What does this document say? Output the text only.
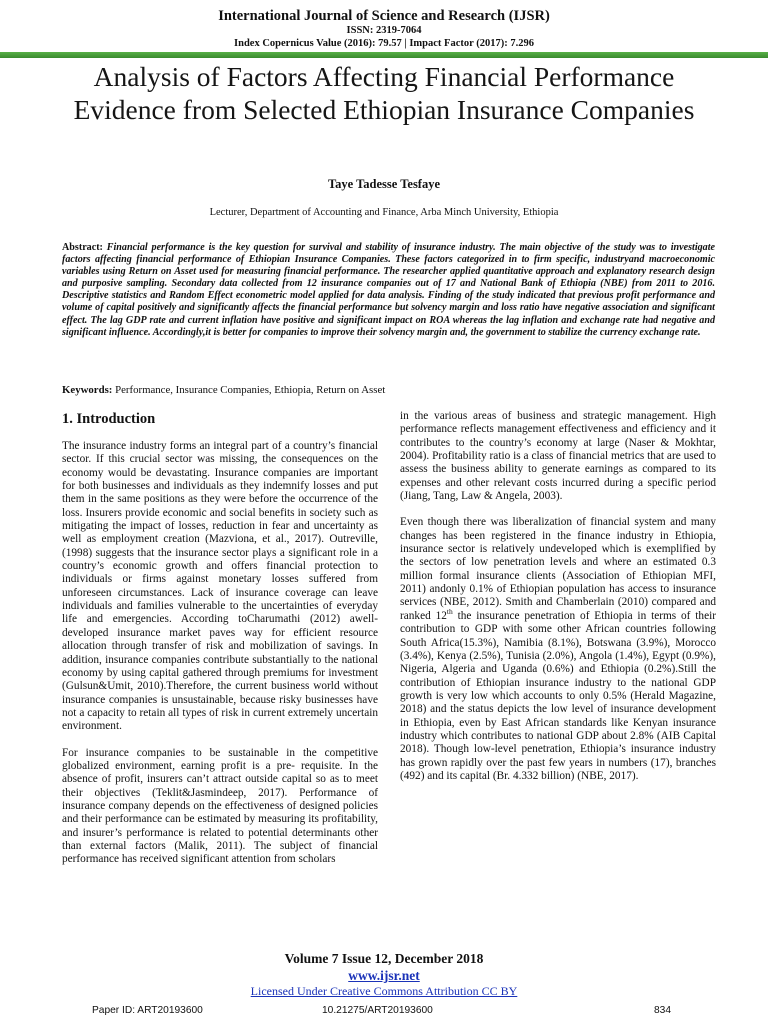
International Journal of Science and Research (IJSR)
ISSN: 2319-7064
Index Copernicus Value (2016): 79.57 | Impact Factor (2017): 7.296
Analysis of Factors Affecting Financial Performance Evidence from Selected Ethiopian Insurance Companies
Taye Tadesse Tesfaye
Lecturer, Department of Accounting and Finance, Arba Minch University, Ethiopia
Abstract: Financial performance is the key question for survival and stability of insurance industry. The main objective of the study was to investigate factors affecting financial performance of Ethiopian Insurance Companies. These factors categorized in to firm specific, industryand macroeconomic variables using Return on Asset used for measuring financial performance. The researcher applied quantitative approach and explanatory research design and purposive sampling. Secondary data collected from 12 insurance companies out of 17 and National Bank of Ethiopia (NBE) from 2011 to 2016. Descriptive statistics and Random Effect econometric model applied for data analysis. Finding of the study indicated that previous profit performance and volume of capital positively and significantly affects the financial performance but solvency margin and loss ratio have negative association and significant effect. The lag GDP rate and current inflation have positive and significant impact on ROA whereas the lag inflation and exchange rate had negative and significant influence. Accordingly,it is better for companies to improve their solvency margin and, the government to stabilize the currency exchange rate.
Keywords: Performance, Insurance Companies, Ethiopia, Return on Asset

1. Introduction

The insurance industry forms an integral part of a country’s financial sector. If this crucial sector was missing, the consequences on the economy would be devastating. Insurance companies are important for both businesses and individuals as they indemnify losses and put them in the same positions as they were before the occurrence of the loss. Insurers provide economic and social benefits in society such as mitigating the impact of losses, reduction in fear and uncertainty as well as employment creation (Mazviona, et al., 2017). Outreville, (1998) suggests that the insurance sector plays a significant role in a country’s economic growth and offers financial protection to individuals or firms against monetary losses suffered from unforeseen circumstances. Lack of insurance coverage can leave individuals and families vulnerable to the uncertainties of everyday life and emergencies. According toCharumathi (2012) awell-developed insurance market paves way for efficient resource allocation through transfer of risk and mobilization of savings. In addition, insurance companies contribute substantially to the national economy by using capital gathered through premiums for investment (Gulsun&Umit, 2010).Therefore, the current business world without insurance companies is unsustainable, because risky businesses have not a capacity to retain all types of risk in current extremely uncertain environment.

For insurance companies to be sustainable in the competitive globalized environment, earning profit is a pre- requisite. In the absence of profit, insurers can’t attract outside capital so as to meet their objectives (Teklit&Jasmindeep, 2017). Performance of insurance company depends on the effectiveness of designed policies and their performance can be estimated by measuring its profitability, and insurer’s performance is related to potential determinants other than external factors (Malik, 2011). The subject of financial performance has received significant attention from scholars

in the various areas of business and strategic management. High performance reflects management effectiveness and efficiency and it contributes to the country’s economy at large (Naser & Mokhtar, 2004). Profitability ratio is a class of financial metrics that are used to assess the business ability to generate earnings as compared to its expenses and other relevant costs incurred during a specific period (Jiang, Tang, Law & Angela, 2003).

Even though there was liberalization of financial system and many changes has been registered in the finance industry in Ethiopia, insurance sector is relatively undeveloped which is exemplified by the sectors of low penetration levels and where an estimated 0.3 million formal insurance clients (Association of Ethiopian MFI, 2011) andonly 0.1% of Ethiopian population has access to insurance services (NBE, 2012). Smith and Chamberlain (2010) compared and ranked 12th the insurance penetration of Ethiopia in terms of their contribution to GDP with some other African countries following South Africa(15.3%), Namibia (8.1%), Botswana (3.9%), Morocco (3.4%), Kenya (2.5%), Tunisia (2.0%), Angola (1.4%), Egypt (0.9%), Nigeria, Algeria and Uganda (0.6%) and Ethiopia (0.2%).Still the contribution of Ethiopian insurance industry to the national GDP growth is very low which accounts to only 0.5% (Herald Magazine, 2018) and the status depicts the low level of insurance development in Ethiopia, even by East African standards like Kenyan insurance industry which contributes to national GDP about 2.8% (AIB Capital 2018). Though low-level penetration, Ethiopia’s insurance industry has grown rapidly over the past few years in numbers (17), branches (492) and its capital (Br. 4.332 billion) (NBE, 2017).

Volume 7 Issue 12, December 2018
www.ijsr.net
Licensed Under Creative Commons Attribution CC BY
Paper ID: ART20193600	10.21275/ART20193600	834
